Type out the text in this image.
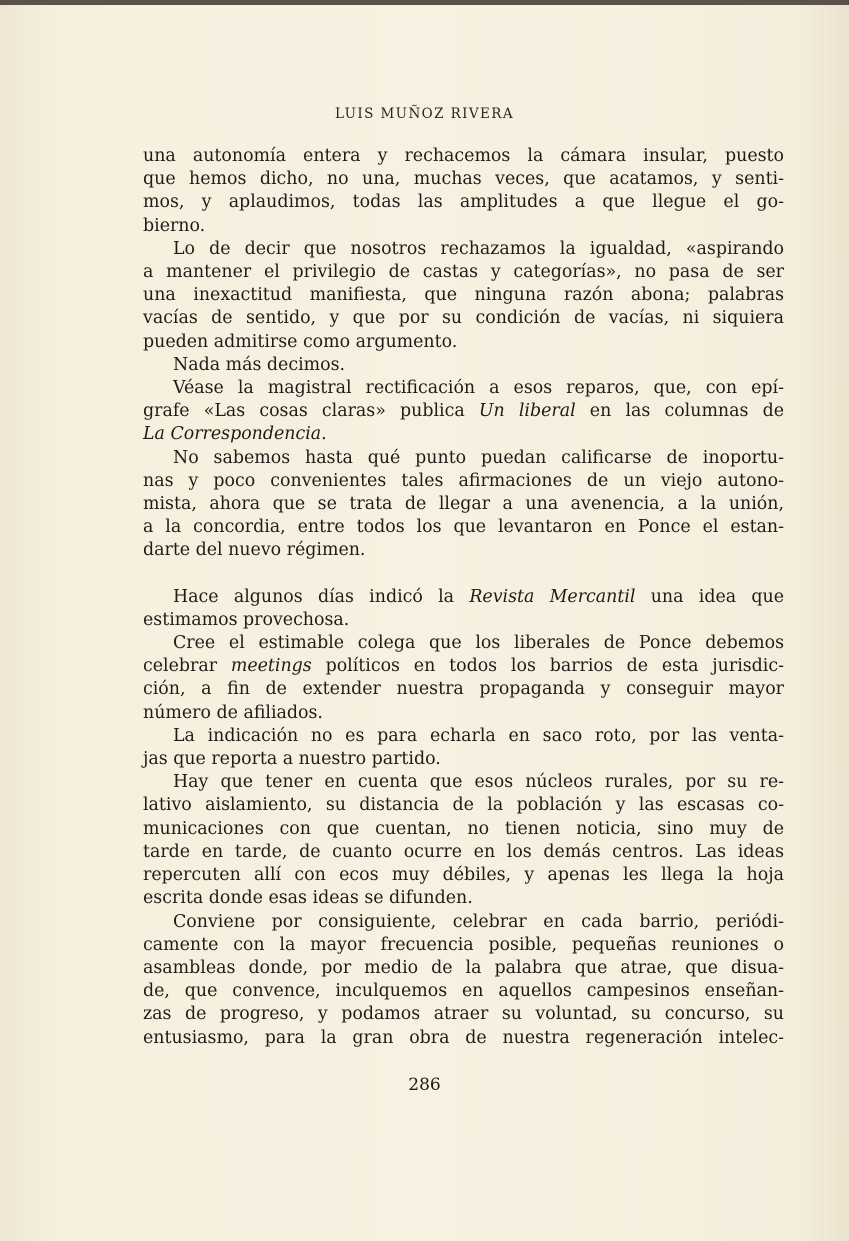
LUIS MUÑOZ RIVERA

una autonomía entera y rechacemos la cámara insular, puesto

que hemos dicho, no una, muchas veces, que acatamos, y senti-

mos, y aplaudimos, todas las amplitudes a que llegue el go-

bierno.

Lo de decir que nosotros rechazamos la igualdad, «aspirando

a mantener el privilegio de castas y categorías», no pasa de ser

una inexactitud manifiesta, que ninguna razón abona; palabras

vacías de sentido, y que por su condición de vacías, ni siquiera

pueden admitirse como argumento.

Nada más decimos.

Véase la magistral rectificación a esos reparos, que, con epí-

grafe «Las cosas claras» publica Un liberal en las columnas de

La Correspondencia.

No sabemos hasta qué punto puedan calificarse de inoportu-

nas y poco convenientes tales afirmaciones de un viejo autono-

mista, ahora que se trata de llegar a una avenencia, a la unión,

a la concordia, entre todos los que levantaron en Ponce el estan-

darte del nuevo régimen.

Hace algunos días indicó la Revista Mercantil una idea que

estimamos provechosa.

Cree el estimable colega que los liberales de Ponce debemos

celebrar meetings políticos en todos los barrios de esta jurisdic-

ción, a fin de extender nuestra propaganda y conseguir mayor

número de afiliados.

La indicación no es para echarla en saco roto, por las venta-

jas que reporta a nuestro partido.

Hay que tener en cuenta que esos núcleos rurales, por su re-

lativo aislamiento, su distancia de la población y las escasas co-

municaciones con que cuentan, no tienen noticia, sino muy de

tarde en tarde, de cuanto ocurre en los demás centros. Las ideas

repercuten allí con ecos muy débiles, y apenas les llega la hoja

escrita donde esas ideas se difunden.

Conviene por consiguiente, celebrar en cada barrio, periódi-

camente con la mayor frecuencia posible, pequeñas reuniones o

asambleas donde, por medio de la palabra que atrae, que disua-

de, que convence, inculquemos en aquellos campesinos enseñan-

zas de progreso, y podamos atraer su voluntad, su concurso, su

entusiasmo, para la gran obra de nuestra regeneración intelec-

286
